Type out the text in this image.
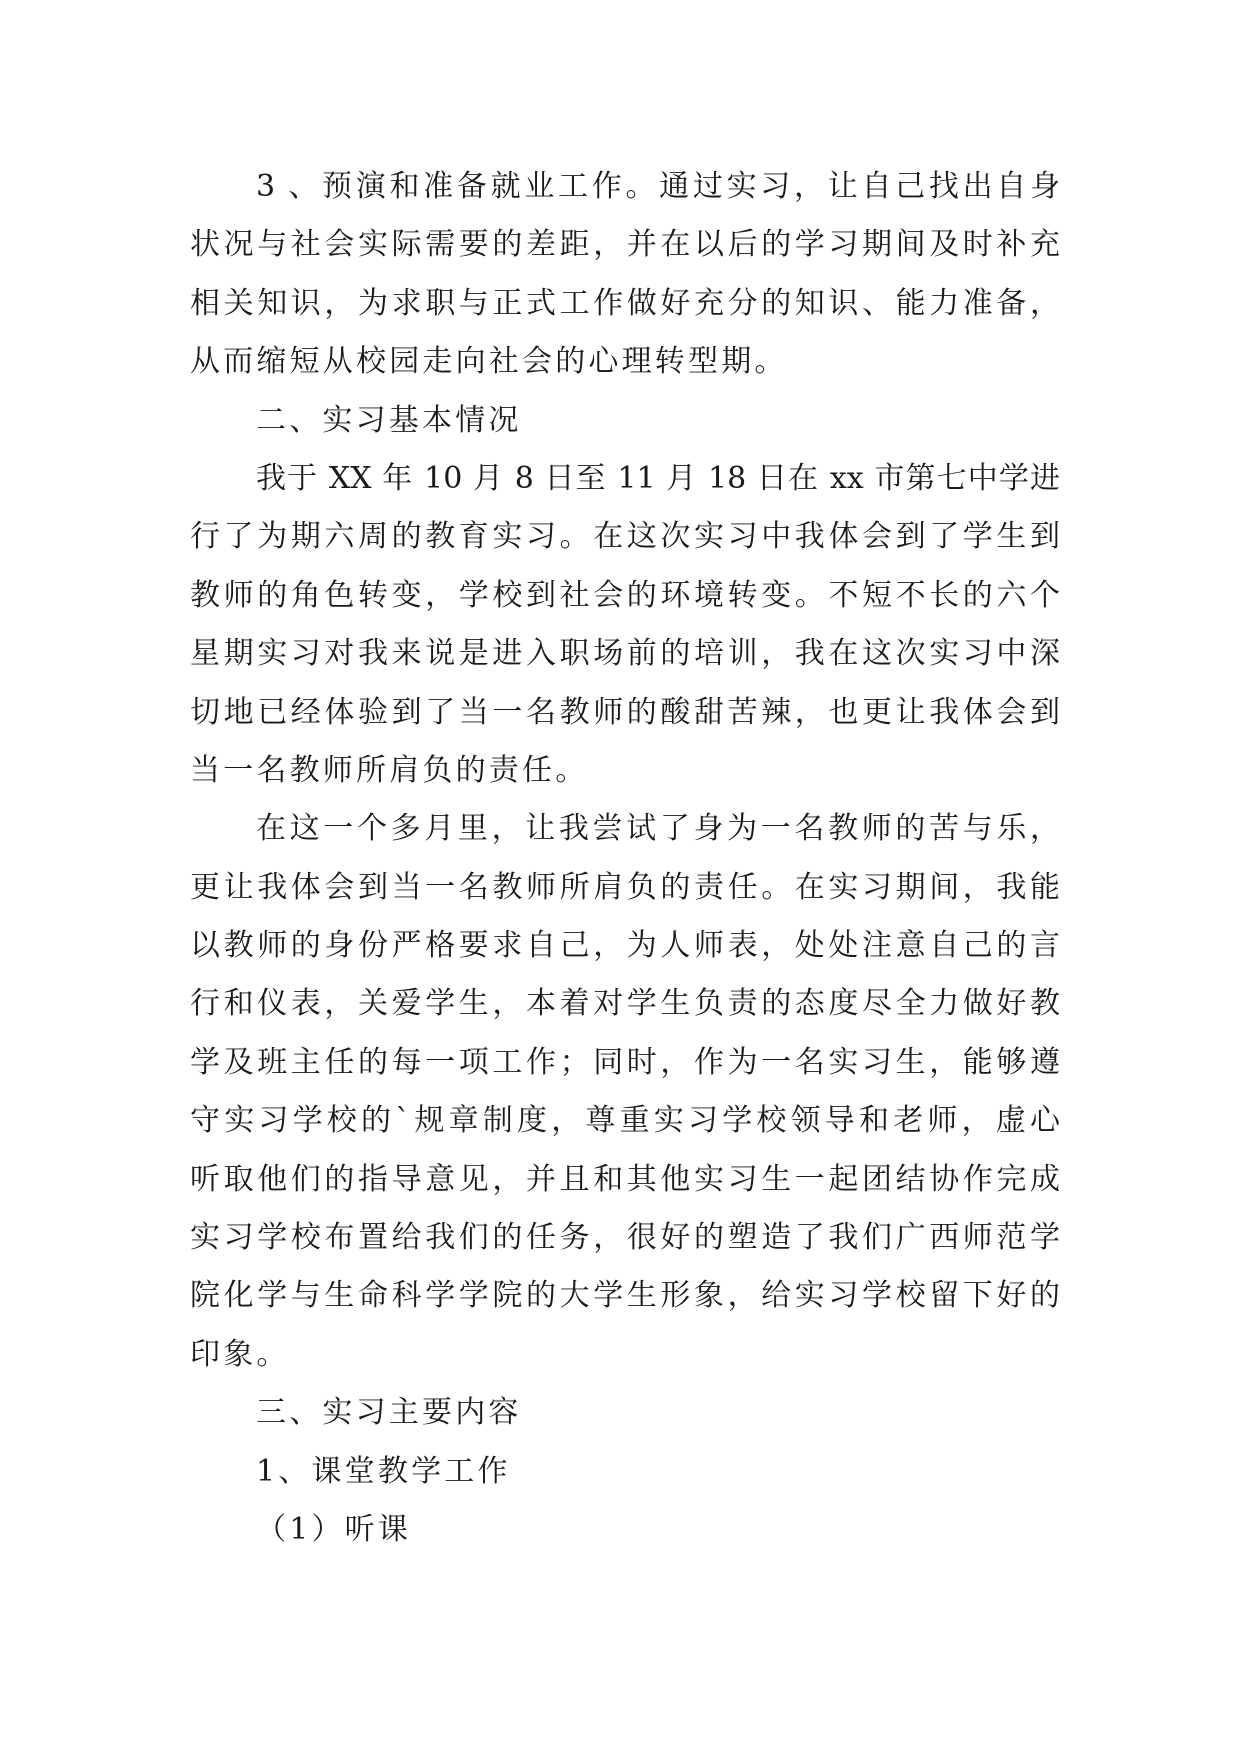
3 、预演和准备就业工作。通过实习，让自己找出自身
状况与社会实际需要的差距，并在以后的学习期间及时补充
相关知识，为求职与正式工作做好充分的知识、能力准备，
从而缩短从校园走向社会的心理转型期。
二、实习基本情况
我于 XX 年 10 月 8 日至 11 月 18 日在 xx 市第七中学进
行了为期六周的教育实习。在这次实习中我体会到了学生到
教师的角色转变，学校到社会的环境转变。不短不长的六个
星期实习对我来说是进入职场前的培训，我在这次实习中深
切地已经体验到了当一名教师的酸甜苦辣，也更让我体会到
当一名教师所肩负的责任。
在这一个多月里，让我尝试了身为一名教师的苦与乐，
更让我体会到当一名教师所肩负的责任。在实习期间，我能
以教师的身份严格要求自己，为人师表，处处注意自己的言
行和仪表，关爱学生，本着对学生负责的态度尽全力做好教
学及班主任的每一项工作；同时，作为一名实习生，能够遵
守实习学校的`规章制度，尊重实习学校领导和老师，虚心
听取他们的指导意见，并且和其他实习生一起团结协作完成
实习学校布置给我们的任务，很好的塑造了我们广西师范学
院化学与生命科学学院的大学生形象，给实习学校留下好的
印象。
三、实习主要内容
1、课堂教学工作
（1）听课
